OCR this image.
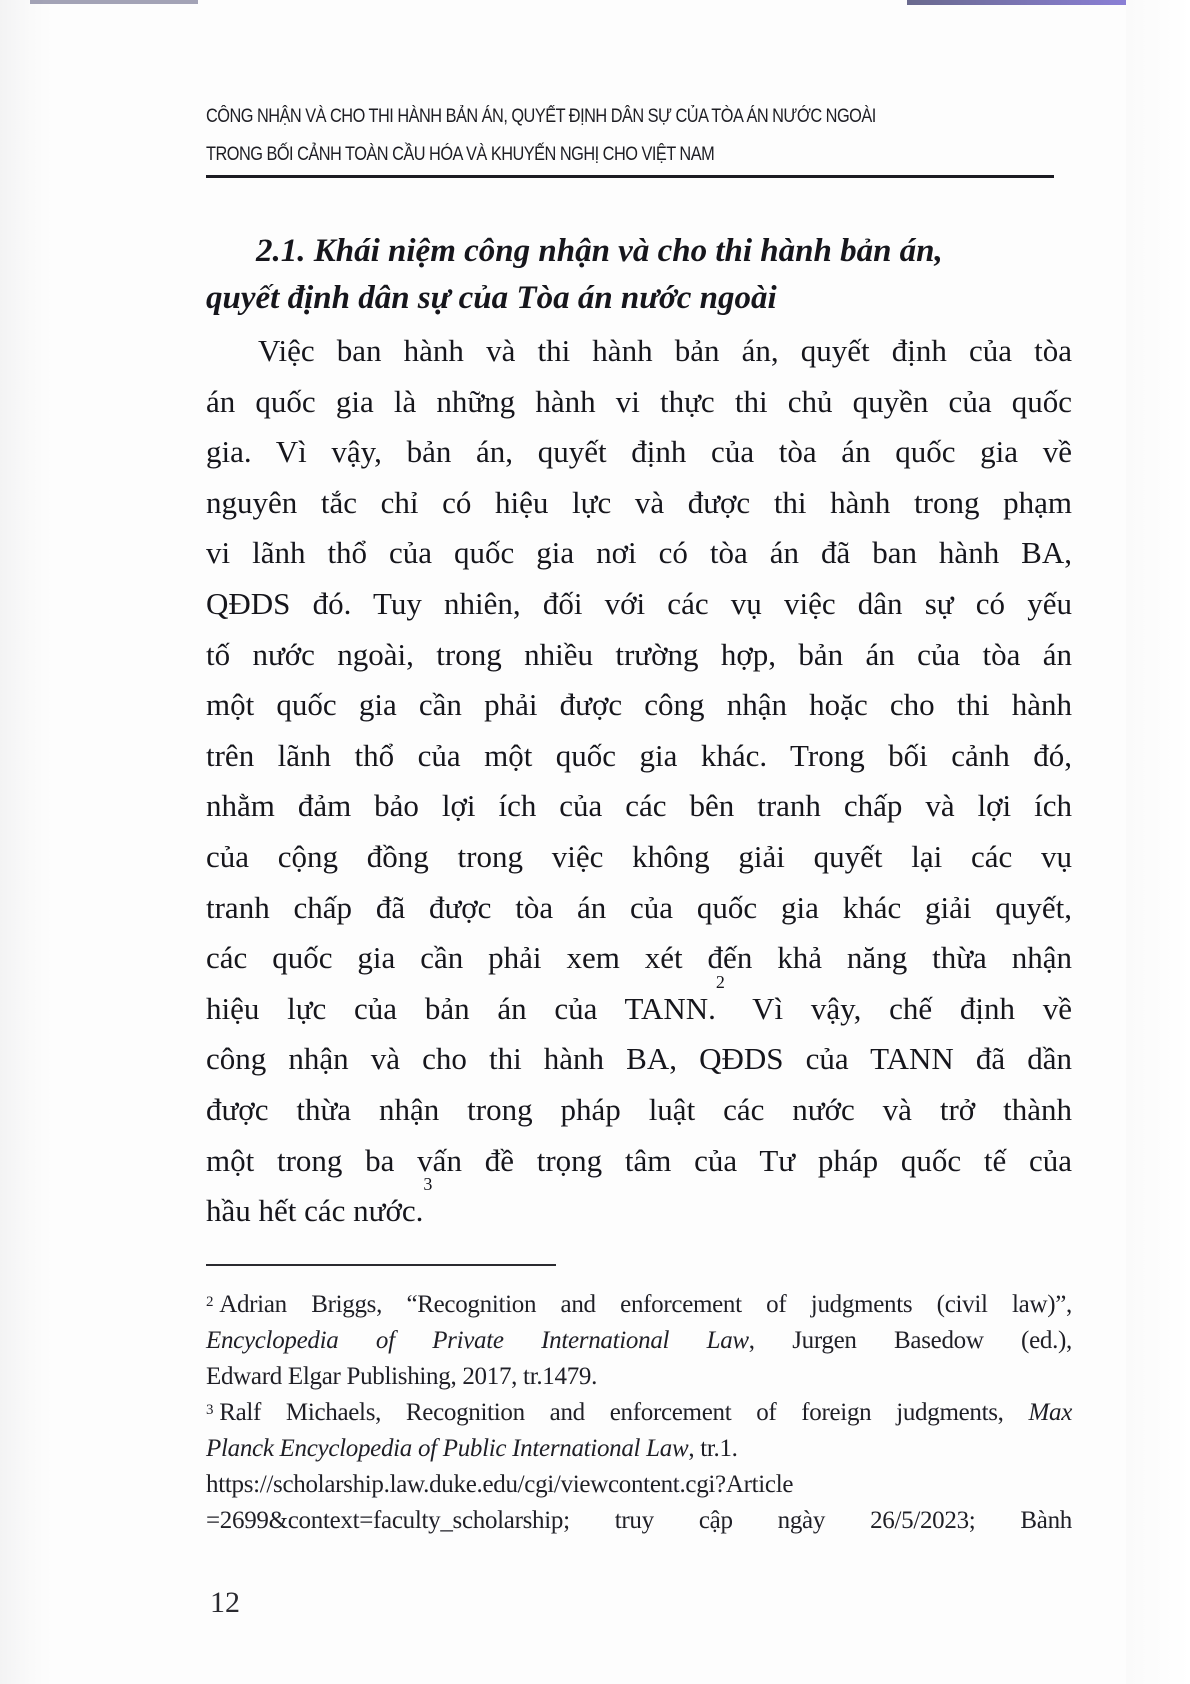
CÔNG NHẬN VÀ CHO THI HÀNH BẢN ÁN, QUYẾT ĐỊNH DÂN SỰ CỦA TÒA ÁN NƯỚC NGOÀI
TRONG BỐI CẢNH TOÀN CẦU HÓA VÀ KHUYẾN NGHỊ CHO VIỆT NAM
2.1. Khái niệm công nhận và cho thi hành bản án,
quyết định dân sự của Tòa án nước ngoài
Việc ban hành và thi hành bản án, quyết định của tòa
án quốc gia là những hành vi thực thi chủ quyền của quốc
gia. Vì vậy, bản án, quyết định của tòa án quốc gia về
nguyên tắc chỉ có hiệu lực và được thi hành trong phạm
vi lãnh thổ của quốc gia nơi có tòa án đã ban hành BA,
QĐDS đó. Tuy nhiên, đối với các vụ việc dân sự có yếu
tố nước ngoài, trong nhiều trường hợp, bản án của tòa án
một quốc gia cần phải được công nhận hoặc cho thi hành
trên lãnh thổ của một quốc gia khác. Trong bối cảnh đó,
nhằm đảm bảo lợi ích của các bên tranh chấp và lợi ích
của cộng đồng trong việc không giải quyết lại các vụ
tranh chấp đã được tòa án của quốc gia khác giải quyết,
các quốc gia cần phải xem xét đến khả năng thừa nhận
hiệu lực của bản án của TANN.$^2$ Vì vậy, chế định về
công nhận và cho thi hành BA, QĐDS của TANN đã dần
được thừa nhận trong pháp luật các nước và trở thành
một trong ba vấn đề trọng tâm của Tư pháp quốc tế của
hầu hết các nước.$^3$
$^2$ Adrian Briggs, “Recognition and enforcement of judgments (civil law)”,
Encyclopedia of Private International Law, Jurgen Basedow (ed.),
Edward Elgar Publishing, 2017, tr.1479.
$^3$ Ralf Michaels, Recognition and enforcement of foreign judgments, Max
Planck Encyclopedia of Public International Law, tr.1.
https://scholarship.law.duke.edu/cgi/viewcontent.cgi?Article
=2699&context=faculty_scholarship; truy cập ngày 26/5/2023; Bành
12
